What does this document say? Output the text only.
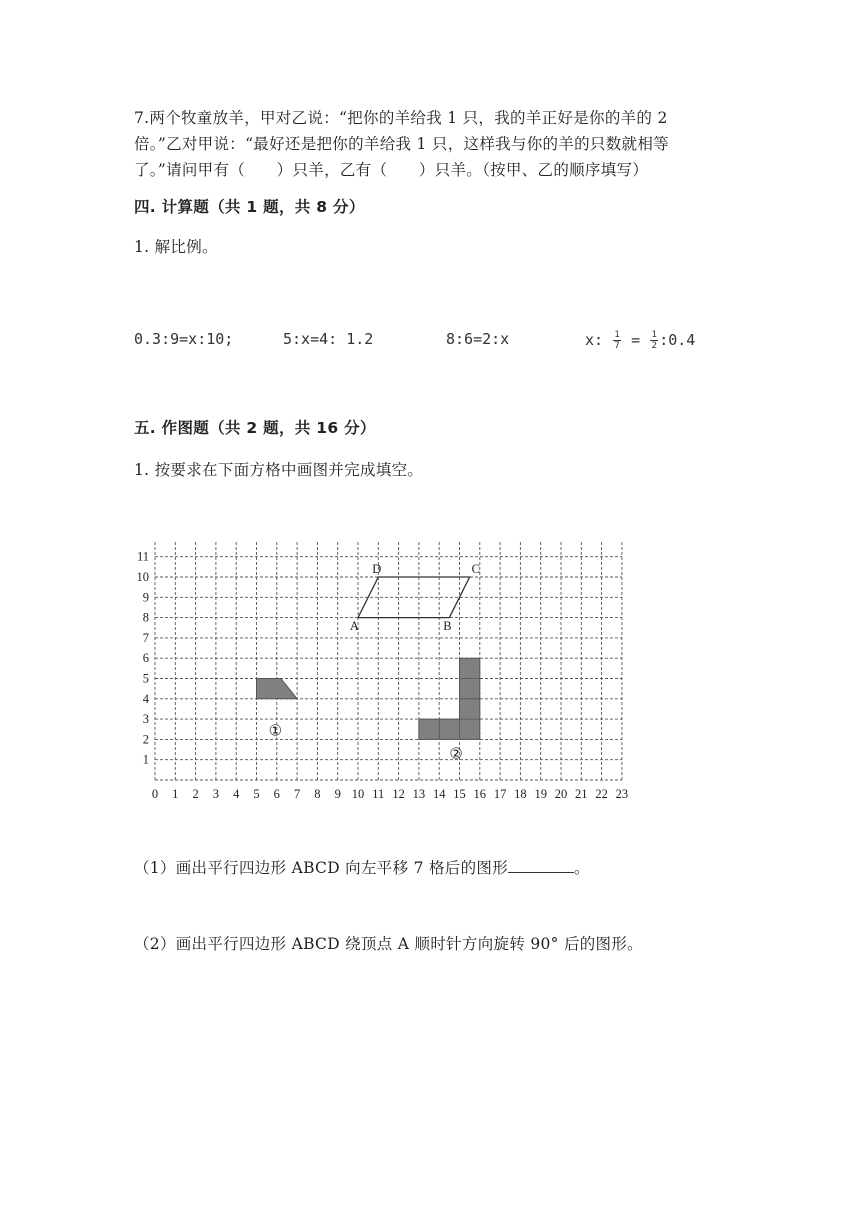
7.两个牧童放羊，甲对乙说：“把你的羊给我 1 只，我的羊正好是你的羊的 2
倍。”乙对甲说：“最好还是把你的羊给我 1 只，这样我与你的羊的只数就相等
了。”请问甲有（　　）只羊，乙有（　　）只羊。（按甲、乙的顺序填写）
四. 计算题（共 1 题，共 8 分）
1. 解比例。
0.3:9=x:10;	5:x=4: 1.2	8:6=2:x	x: $\frac{1}{7} = \frac{1}{2}$ :0.4
五. 作图题（共 2 题，共 16 分）
1. 按要求在下面方格中画图并完成填空。
0 1 2 3 4 5 6 7 8 9 10 11 12 13 14 15 16 17 18 19 20 21 22 23
1
2
3
4
5
6
7
8
9
10
11
A	B
C
D
①
②
（1）画出平行四边形 ABCD 向左平移 7 格后的图形	。
（2）画出平行四边形 ABCD 绕顶点 A 顺时针方向旋转 90° 后的图形。
